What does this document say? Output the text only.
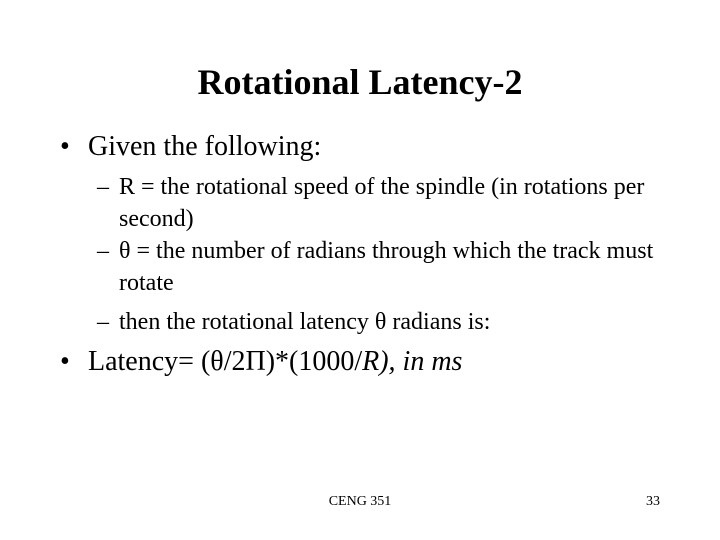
Rotational Latency-2
• Given the following:
– R = the rotational speed of the spindle (in rotations per second)
– θ = the number of radians through which the track must rotate
– then the rotational latency θ radians is:
• Latency= (θ/2Π)*(1000/R), in ms
CENG 351	33
